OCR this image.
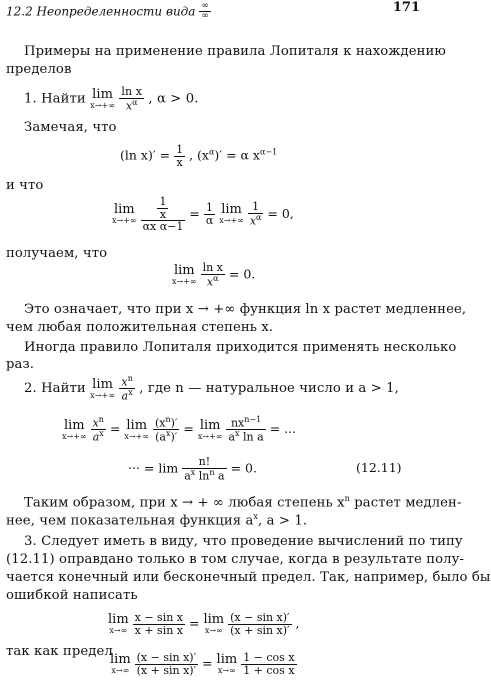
12.2 Неопределенности вида $\frac{\infty}{\infty}$	171
Примеры на применение правила Лопиталя к нахождению
пределов
1. Найти lim
x→+∞
$\frac{\text{ln x}}{x^\alpha}$ , α > 0.
Замечая, что
(ln $x)' = \frac{1}{x}$ , $(x^\alpha)' = \alpha$ $x^{\alpha-1}$
и что
lim
x→+∞
$\frac{\frac{1}{x}}{\text{αx α−1}} = \frac{1}{\alpha}$
lim
x→+∞
$\frac{1}{x^\alpha} = 0$,
получаем, что
lim
x→+∞
$\frac{\text{ln x}}{x^\alpha} = 0$.
Это означает, что при x → +∞ функция ln x растет медленнее,
чем любая положительная степень x.
Иногда правило Лопиталя приходится применять несколько
раз.
2. Найти lim
x→+∞
$\frac{x^n}{a^x}$ , где n — натуральное число и a > 1,
lim
x→+∞
$\frac{x^n}{a^x} = \lim$
x→+∞
$\frac{(x^n)'}{(a^x)'} = \lim$
x→+∞
$\frac{nx^{n-1}}{a^x \ln a}$ = ...
··· = $\lim \frac{n!}{a^x \ln^n a} = 0$.	(12.11)
Таким образом, при x → + ∞ любая степень $x^n$ растет медлен-
нее, чем показательная функция $a^x$, a > 1.
3. Следует иметь в виду, что проведение вычислений по типу
(12.11) оправдано только в том случае, когда в результате полу-
чается конечный или бесконечный предел. Так, например, было бы
ошибкой написать
lim
x→∞
$\frac{\text{x − sin x}}{\text{x + sin x}} = \lim$
x→∞
$\frac{\text{(x − sin x)′}}{\text{(x + sin x)′}}$ ,
так как предел
lim
x→∞
$\frac{\text{(x − sin x)′}}{\text{(x + sin x)′}} = \lim$
x→∞
$\frac{\text{1 − cos x}}{\text{1 + cos x}}$
